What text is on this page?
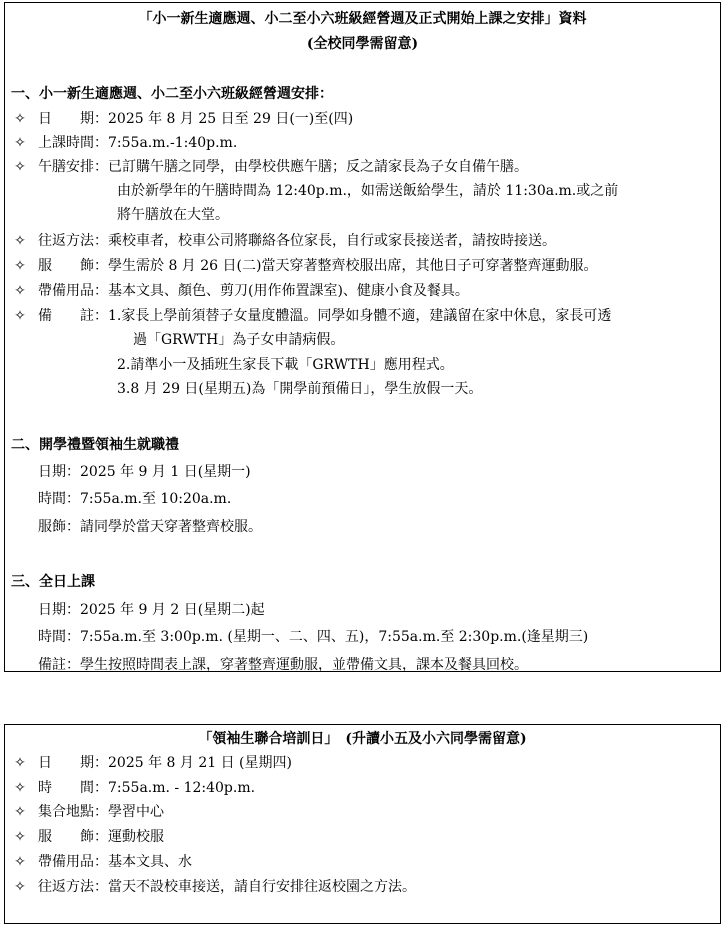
「小一新生適應週、小二至小六班級經營週及正式開始上課之安排」資料
(全校同學需留意)
一、小一新生適應週、小二至小六班級經營週安排：
✧ 日　　期：2025 年 8 月 25 日至 29 日(一)至(四)
✧ 上課時間：7:55a.m.-1:40p.m.
✧ 午膳安排：已訂購午膳之同學，由學校供應午膳；反之請家長為子女自備午膳。
由於新學年的午膳時間為 12:40p.m.，如需送飯給學生，請於 11:30a.m.或之前
將午膳放在大堂。
✧ 往返方法：乘校車者，校車公司將聯絡各位家長，自行或家長接送者，請按時接送。
✧ 服　　飾：學生需於 8 月 26 日(二)當天穿著整齊校服出席，其他日子可穿著整齊運動服。
✧ 帶備用品：基本文具、顏色、剪刀(用作佈置課室)、健康小食及餐具。
✧ 備　　註：1.家長上學前須替子女量度體溫。同學如身體不適，建議留在家中休息，家長可透
過「GRWTH」為子女申請病假。
2.請準小一及插班生家長下載「GRWTH」應用程式。
3.8 月 29 日(星期五)為「開學前預備日」，學生放假一天。
二、開學禮暨領袖生就職禮
日期：2025 年 9 月 1 日(星期一)
時間：7:55a.m.至 10:20a.m.
服飾：請同學於當天穿著整齊校服。
三、全日上課
日期：2025 年 9 月 2 日(星期二)起
時間：7:55a.m.至 3:00p.m. (星期一、二、四、五)，7:55a.m.至 2:30p.m.(逢星期三)
備註：學生按照時間表上課，穿著整齊運動服，並帶備文具，課本及餐具回校。
「領袖生聯合培訓日」　(升讀小五及小六同學需留意)
✧ 日　　期：2025 年 8 月 21 日 (星期四)
✧ 時　　間：7:55a.m. - 12:40p.m.
✧ 集合地點：學習中心
✧ 服　　飾：運動校服
✧ 帶備用品：基本文具、水
✧ 往返方法：當天不設校車接送，請自行安排往返校園之方法。
